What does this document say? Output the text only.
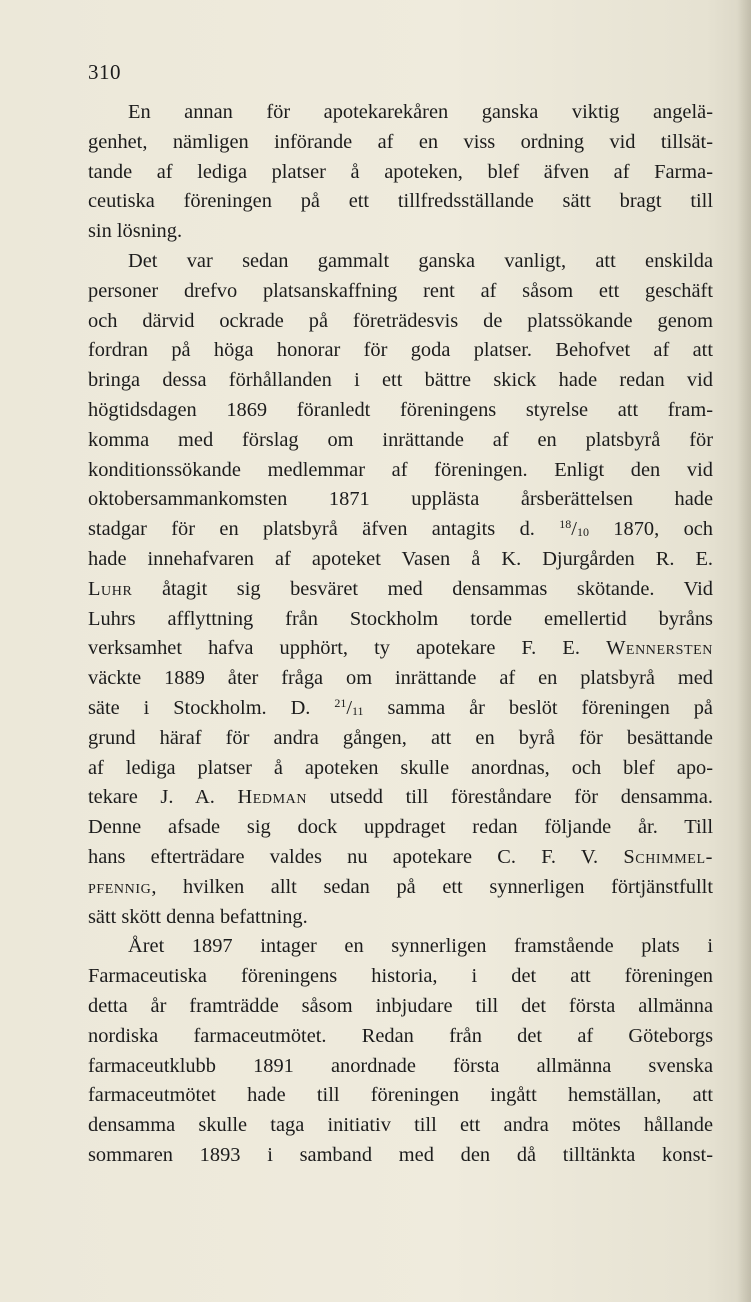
310
En annan för apotekarekåren ganska viktig angelä-
genhet, nämligen införande af en viss ordning vid tillsät-
tande af lediga platser å apoteken, blef äfven af Farma-
ceutiska föreningen på ett tillfredsställande sätt bragt till
sin lösning.
Det var sedan gammalt ganska vanligt, att enskilda
personer drefvo platsanskaffning rent af såsom ett geschäft
och därvid ockrade på företrädesvis de platssökande genom
fordran på höga honorar för goda platser. Behofvet af att
bringa dessa förhållanden i ett bättre skick hade redan vid
högtidsdagen 1869 föranledt föreningens styrelse att fram-
komma med förslag om inrättande af en platsbyrå för
konditionssökande medlemmar af föreningen. Enligt den vid
oktobersammankomsten 1871 upplästa årsberättelsen hade
stadgar för en platsbyrå äfven antagits d. $^{18}/_{10}$ 1870, och
hade innehafvaren af apoteket Vasen å K. Djurgården R. E.
Luhr åtagit sig besväret med densammas skötande. Vid
Luhrs afflyttning från Stockholm torde emellertid byråns
verksamhet hafva upphört, ty apotekare F. E. Wennersten
väckte 1889 åter fråga om inrättande af en platsbyrå med
säte i Stockholm. D. $^{21}/_{11}$ samma år beslöt föreningen på
grund häraf för andra gången, att en byrå för besättande
af lediga platser å apoteken skulle anordnas, och blef apo-
tekare J. A. Hedman utsedd till föreståndare för densamma.
Denne afsade sig dock uppdraget redan följande år. Till
hans efterträdare valdes nu apotekare C. F. V. Schimmel-
pfennig, hvilken allt sedan på ett synnerligen förtjänstfullt
sätt skött denna befattning.
Året 1897 intager en synnerligen framstående plats i
Farmaceutiska föreningens historia, i det att föreningen
detta år framträdde såsom inbjudare till det första allmänna
nordiska farmaceutmötet. Redan från det af Göteborgs
farmaceutklubb 1891 anordnade första allmänna svenska
farmaceutmötet hade till föreningen ingått hemställan, att
densamma skulle taga initiativ till ett andra mötes hållande
sommaren 1893 i samband med den då tilltänkta konst-
